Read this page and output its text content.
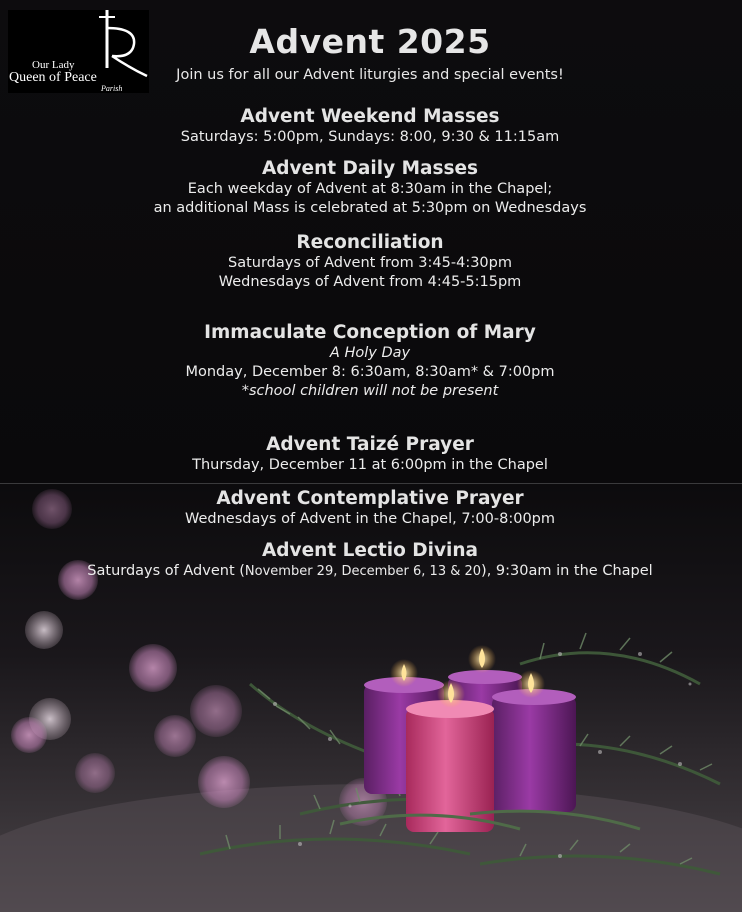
Our Lady
Queen of Peace
Parish
Advent 2025
Join us for all our Advent liturgies and special events!
Advent Weekend Masses
Saturdays: 5:00pm, Sundays: 8:00, 9:30 & 11:15am
Advent Daily Masses
Each weekday of Advent at 8:30am in the Chapel;
an additional Mass is celebrated at 5:30pm on Wednesdays
Reconciliation
Saturdays of Advent from 3:45-4:30pm
Wednesdays of Advent from 4:45-5:15pm
Immaculate Conception of Mary
A Holy Day
Monday, December 8: 6:30am, 8:30am* & 7:00pm
*school children will not be present
Advent Taizé Prayer
Thursday, December 11 at 6:00pm in the Chapel
Advent Contemplative Prayer
Wednesdays of Advent in the Chapel, 7:00-8:00pm
Advent Lectio Divina
Saturdays of Advent (November 29, December 6, 13 & 20), 9:30am in the Chapel
